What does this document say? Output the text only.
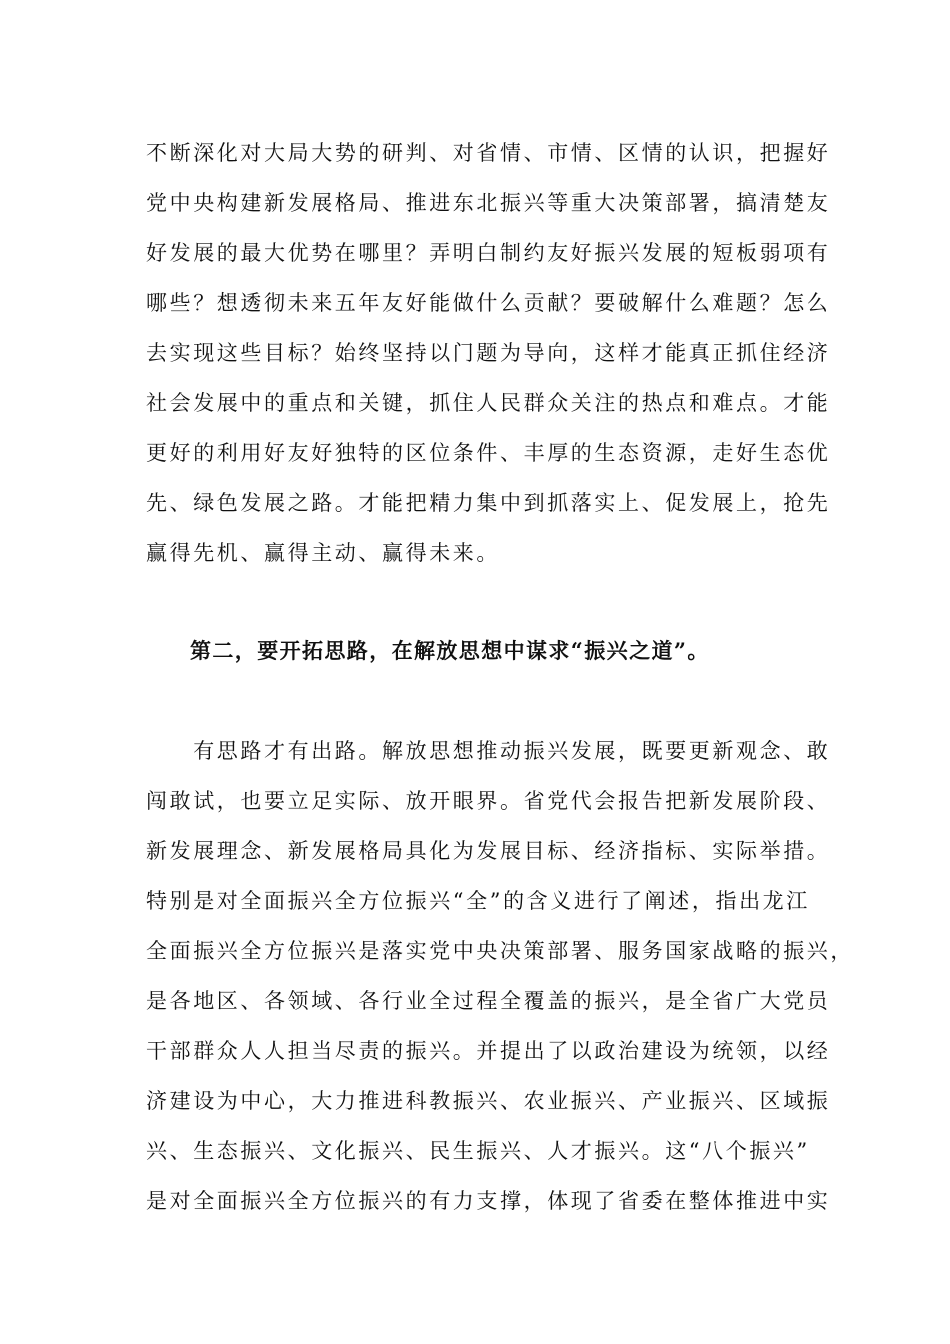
不断深化对大局大势的研判、对省情、市情、区情的认识，把握好
党中央构建新发展格局、推进东北振兴等重大决策部署，搞清楚友
好发展的最大优势在哪里？弄明白制约友好振兴发展的短板弱项有
哪些？想透彻未来五年友好能做什么贡献？要破解什么难题？怎么
去实现这些目标？始终坚持以门题为导向，这样才能真正抓住经济
社会发展中的重点和关键，抓住人民群众关注的热点和难点。才能
更好的利用好友好独特的区位条件、丰厚的生态资源，走好生态优
先、绿色发展之路。才能把精力集中到抓落实上、促发展上，抢先
赢得先机、赢得主动、赢得未来。
第二，要开拓思路，在解放思想中谋求“振兴之道”。
　　有思路才有出路。解放思想推动振兴发展，既要更新观念、敢
闯敢试，也要立足实际、放开眼界。省党代会报告把新发展阶段、
新发展理念、新发展格局具化为发展目标、经济指标、实际举措。
特别是对全面振兴全方位振兴“全”的含义进行了阐述，指出龙江
全面振兴全方位振兴是落实党中央决策部署、服务国家战略的振兴，
是各地区、各领域、各行业全过程全覆盖的振兴，是全省广大党员
干部群众人人担当尽责的振兴。并提出了以政治建设为统领，以经
济建设为中心，大力推进科教振兴、农业振兴、产业振兴、区域振
兴、生态振兴、文化振兴、民生振兴、人才振兴。这“八个振兴”
是对全面振兴全方位振兴的有力支撑，体现了省委在整体推进中实
